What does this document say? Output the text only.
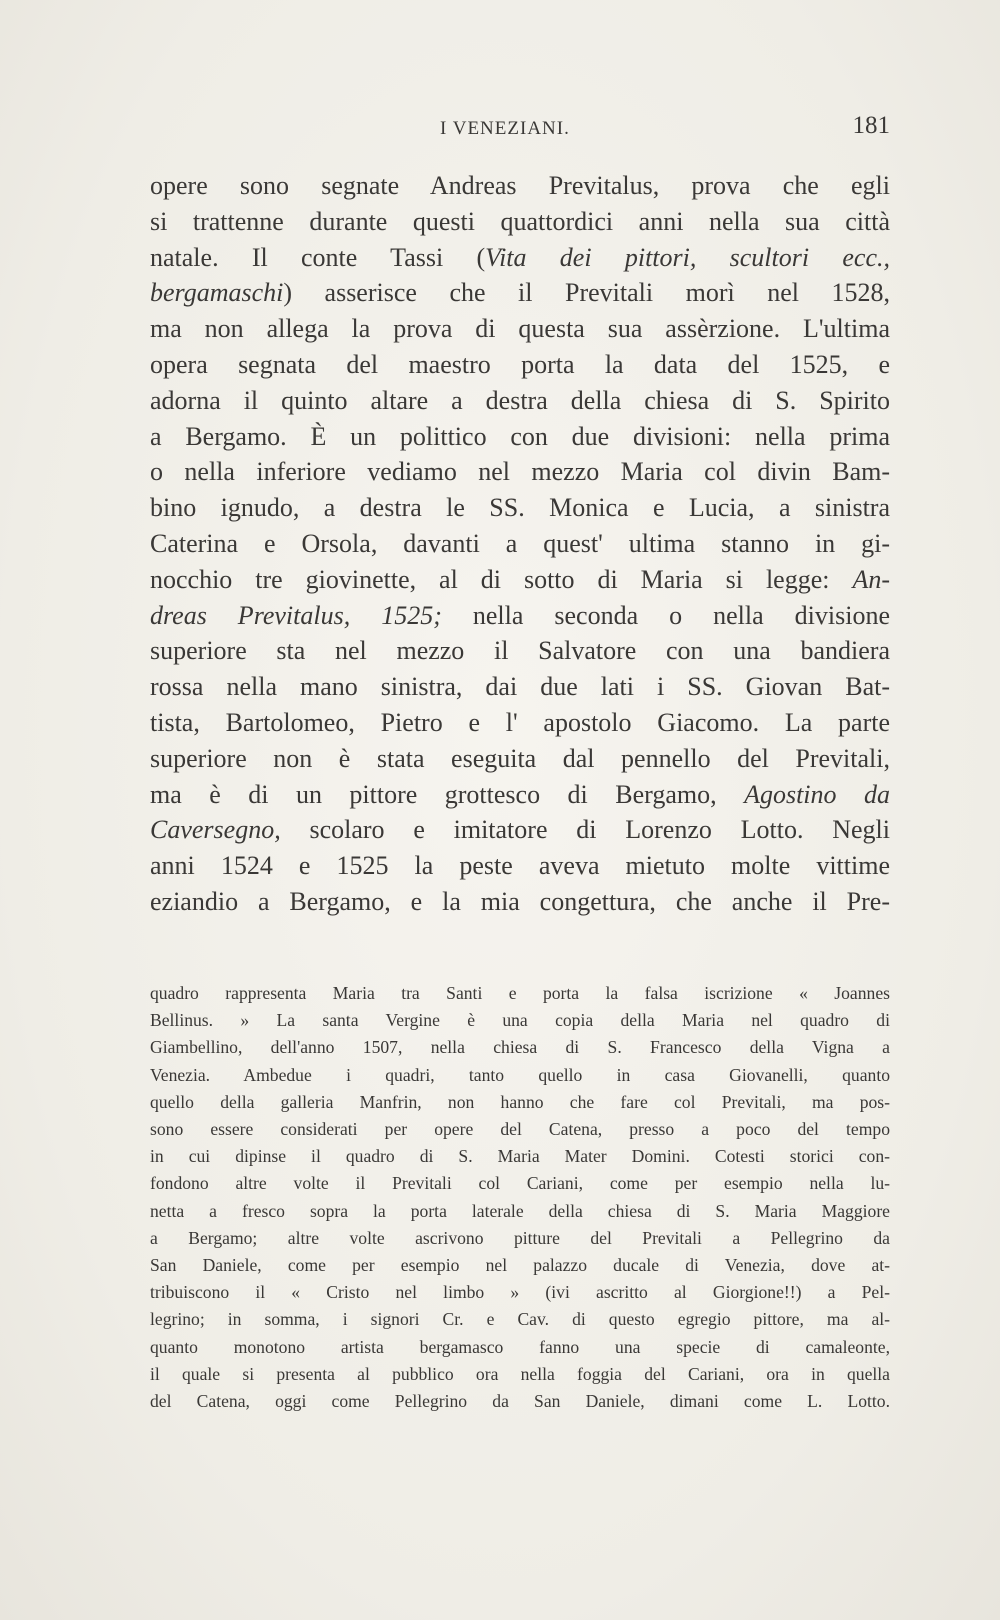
I VENEZIANI.	181
opere sono segnate Andreas Previtalus, prova che egli
si trattenne durante questi quattordici anni nella sua città
natale. Il conte Tassi (Vita dei pittori, scultori ecc.,
bergamaschi) asserisce che il Previtali morì nel 1528,
ma non allega la prova di questa sua assèrzione. L'ultima
opera segnata del maestro porta la data del 1525, e
adorna il quinto altare a destra della chiesa di S. Spirito
a Bergamo. È un polittico con due divisioni: nella prima
o nella inferiore vediamo nel mezzo Maria col divin Bam-
bino ignudo, a destra le SS. Monica e Lucia, a sinistra
Caterina e Orsola, davanti a quest' ultima stanno in gi-
nocchio tre giovinette, al di sotto di Maria si legge: An-
dreas Previtalus, 1525; nella seconda o nella divisione
superiore sta nel mezzo il Salvatore con una bandiera
rossa nella mano sinistra, dai due lati i SS. Giovan Bat-
tista, Bartolomeo, Pietro e l' apostolo Giacomo. La parte
superiore non è stata eseguita dal pennello del Previtali,
ma è di un pittore grottesco di Bergamo, Agostino da
Caversegno, scolaro e imitatore di Lorenzo Lotto. Negli
anni 1524 e 1525 la peste aveva mietuto molte vittime
eziandio a Bergamo, e la mia congettura, che anche il Pre-
quadro rappresenta Maria tra Santi e porta la falsa iscrizione « Joannes
Bellinus. » La santa Vergine è una copia della Maria nel quadro di
Giambellino, dell'anno 1507, nella chiesa di S. Francesco della Vigna a
Venezia. Ambedue i quadri, tanto quello in casa Giovanelli, quanto
quello della galleria Manfrin, non hanno che fare col Previtali, ma pos-
sono essere considerati per opere del Catena, presso a poco del tempo
in cui dipinse il quadro di S. Maria Mater Domini. Cotesti storici con-
fondono altre volte il Previtali col Cariani, come per esempio nella lu-
netta a fresco sopra la porta laterale della chiesa di S. Maria Maggiore
a Bergamo; altre volte ascrivono pitture del Previtali a Pellegrino da
San Daniele, come per esempio nel palazzo ducale di Venezia, dove at-
tribuiscono il « Cristo nel limbo » (ivi ascritto al Giorgione!!) a Pel-
legrino; in somma, i signori Cr. e Cav. di questo egregio pittore, ma al-
quanto monotono artista bergamasco fanno una specie di camaleonte,
il quale si presenta al pubblico ora nella foggia del Cariani, ora in quella
del Catena, oggi come Pellegrino da San Daniele, dimani come L. Lotto.
